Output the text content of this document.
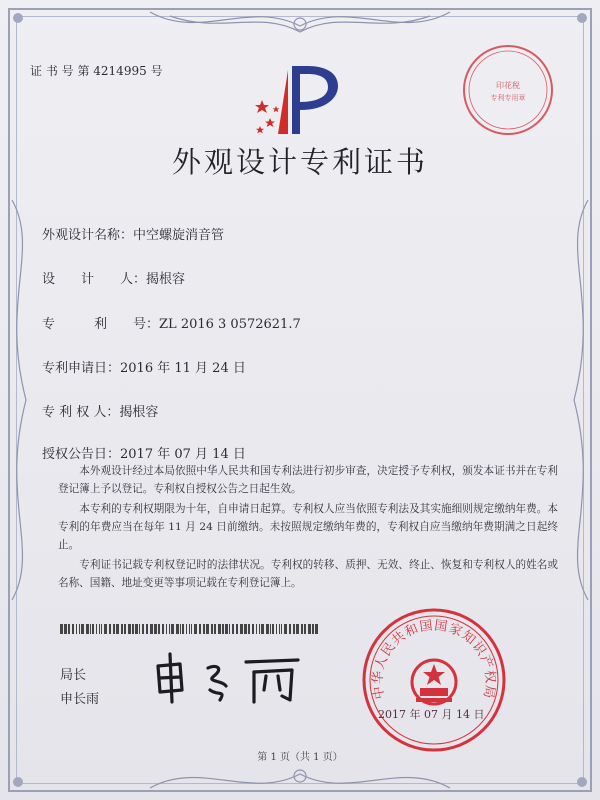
证 书 号 第 4214995 号
印花税
专利专用章
外观设计专利证书
外观设计名称：中空螺旋消音管
设　　计　　人：揭根容
专　　　利　　号：ZL 2016 3 0572621.7
专利申请日：2016 年 11 月 24 日
专 利 权 人：揭根容
授权公告日：2017 年 07 月 14 日
本外观设计经过本局依照中华人民共和国专利法进行初步审查，决定授予专利权，颁发本证书并在专利登记簿上予以登记。专利权自授权公告之日起生效。
本专利的专利权期限为十年，自申请日起算。专利权人应当依照专利法及其实施细则规定缴纳年费。本专利的年费应当在每年 11 月 24 日前缴纳。未按照规定缴纳年费的，专利权自应当缴纳年费期满之日起终止。
专利证书记载专利权登记时的法律状况。专利权的转移、质押、无效、终止、恢复和专利权人的姓名或名称、国籍、地址变更等事项记载在专利登记簿上。
局长
申长雨	中华人民共和国国家知识产权局
2017 年 07 月 14 日
第 1 页（共 1 页）
